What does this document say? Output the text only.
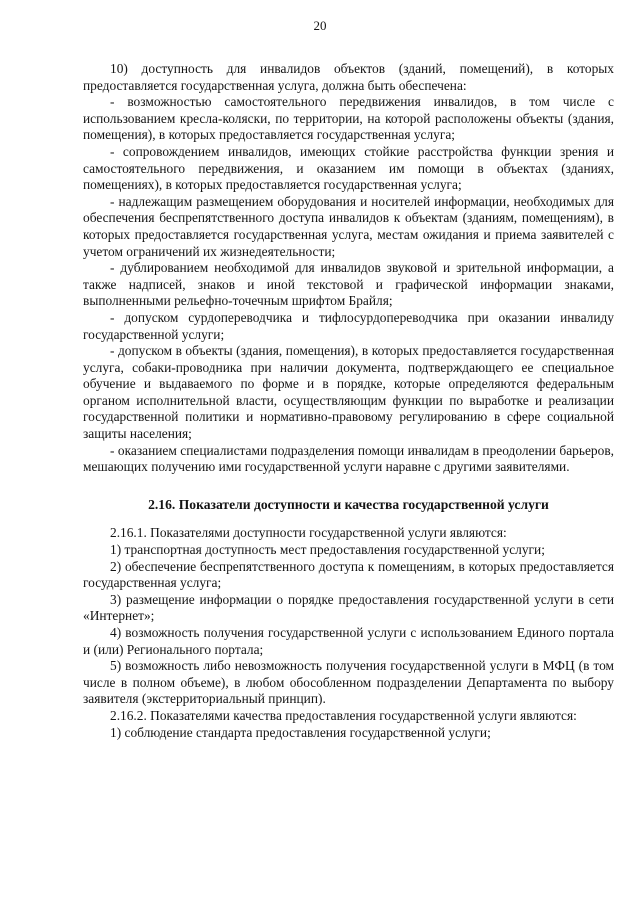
20

10) доступность для инвалидов объектов (зданий, помещений), в которых предоставляется государственная услуга, должна быть обеспечена:

- возможностью самостоятельного передвижения инвалидов, в том числе с использованием кресла-коляски, по территории, на которой расположены объекты (здания, помещения), в которых предоставляется государственная услуга;

- сопровождением инвалидов, имеющих стойкие расстройства функции зрения и самостоятельного передвижения, и оказанием им помощи в объектах (зданиях, помещениях), в которых предоставляется государственная услуга;

- надлежащим размещением оборудования и носителей информации, необходимых для обеспечения беспрепятственного доступа инвалидов к объектам (зданиям, помещениям), в которых предоставляется государственная услуга, местам ожидания и приема заявителей с учетом ограничений их жизнедеятельности;

- дублированием необходимой для инвалидов звуковой и зрительной информации, а также надписей, знаков и иной текстовой и графической информации знаками, выполненными рельефно-точечным шрифтом Брайля;

- допуском сурдопереводчика и тифлосурдопереводчика при оказании инвалиду государственной услуги;

- допуском в объекты (здания, помещения), в которых предоставляется государственная услуга, собаки-проводника при наличии документа, подтверждающего ее специальное обучение и выдаваемого по форме и в порядке, которые определяются федеральным органом исполнительной власти, осуществляющим функции по выработке и реализации государственной политики и нормативно-правовому регулированию в сфере социальной защиты населения;

- оказанием специалистами подразделения помощи инвалидам в преодолении барьеров, мешающих получению ими государственной услуги наравне с другими заявителями.

2.16. Показатели доступности и качества государственной услуги

2.16.1. Показателями доступности государственной услуги являются:

1) транспортная доступность мест предоставления государственной услуги;

2) обеспечение беспрепятственного доступа к помещениям, в которых предоставляется государственная услуга;

3) размещение информации о порядке предоставления государственной услуги в сети «Интернет»;

4) возможность получения государственной услуги с использованием Единого портала и (или) Регионального портала;

5) возможность либо невозможность получения государственной услуги в МФЦ (в том числе в полном объеме), в любом обособленном подразделении Департамента по выбору заявителя (экстерриториальный принцип).

2.16.2. Показателями качества предоставления государственной услуги являются:

1) соблюдение стандарта предоставления государственной услуги;
